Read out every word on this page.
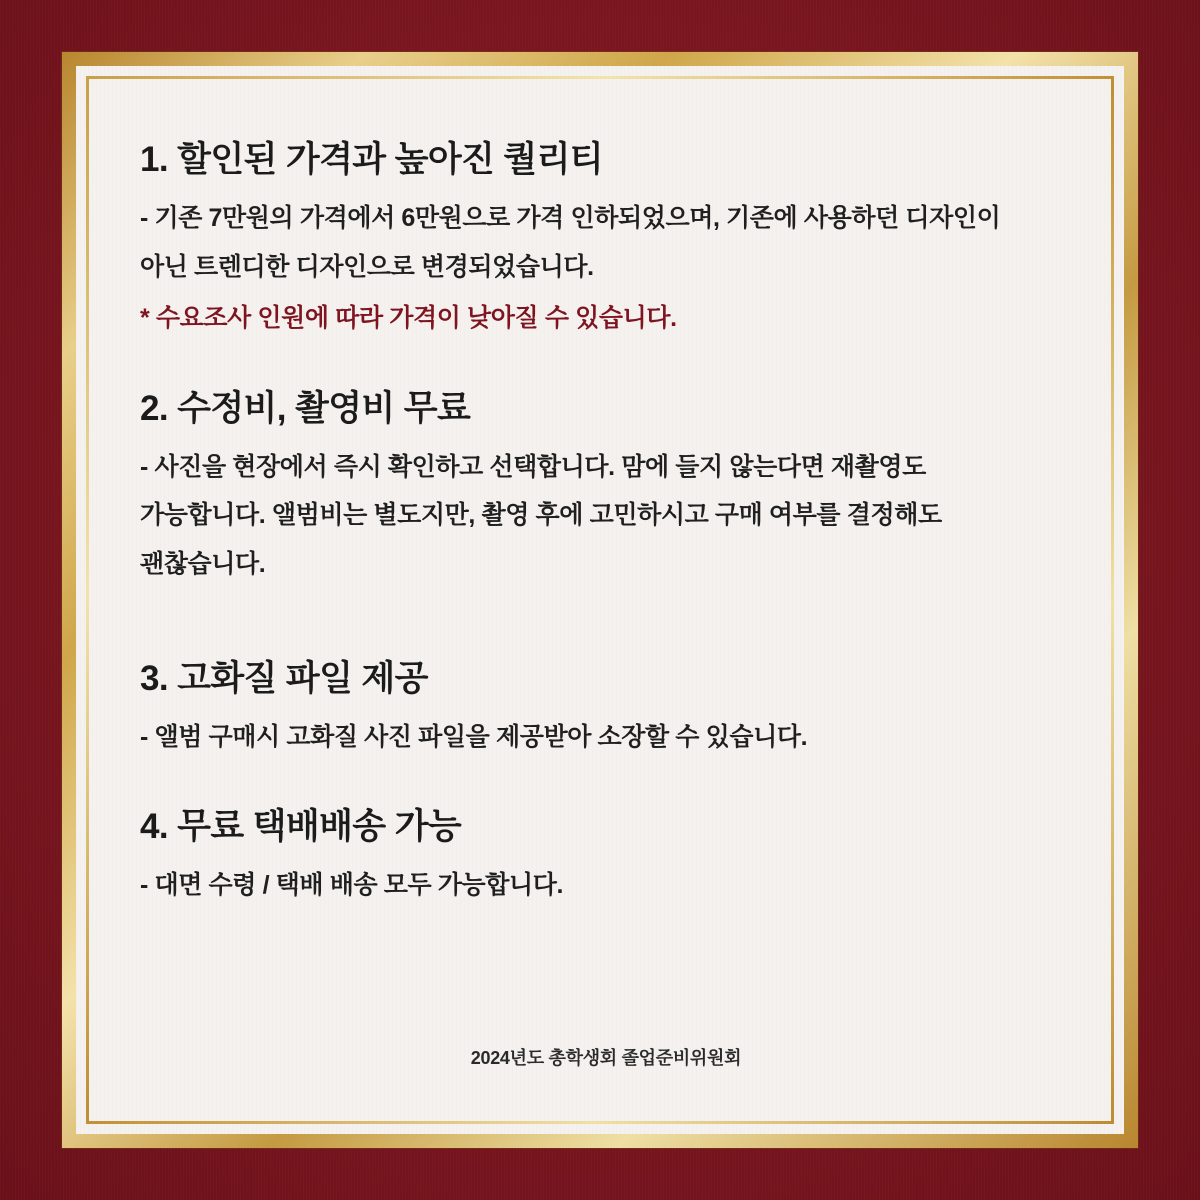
1. 할인된 가격과 높아진 퀄리티

- 기존 7만원의 가격에서 6만원으로 가격 인하되었으며, 기존에 사용하던 디자인이

아닌 트렌디한 디자인으로 변경되었습니다.

* 수요조사 인원에 따라 가격이 낮아질 수 있습니다.

2. 수정비, 촬영비 무료

- 사진을 현장에서 즉시 확인하고 선택합니다. 맘에 들지 않는다면 재촬영도

가능합니다. 앨범비는 별도지만, 촬영 후에 고민하시고 구매 여부를 결정해도

괜찮습니다.

3. 고화질 파일 제공

- 앨범 구매시 고화질 사진 파일을 제공받아 소장할 수 있습니다.

4. 무료 택배배송 가능

- 대면 수령 / 택배 배송 모두 가능합니다.

2024년도 총학생회 졸업준비위원회
